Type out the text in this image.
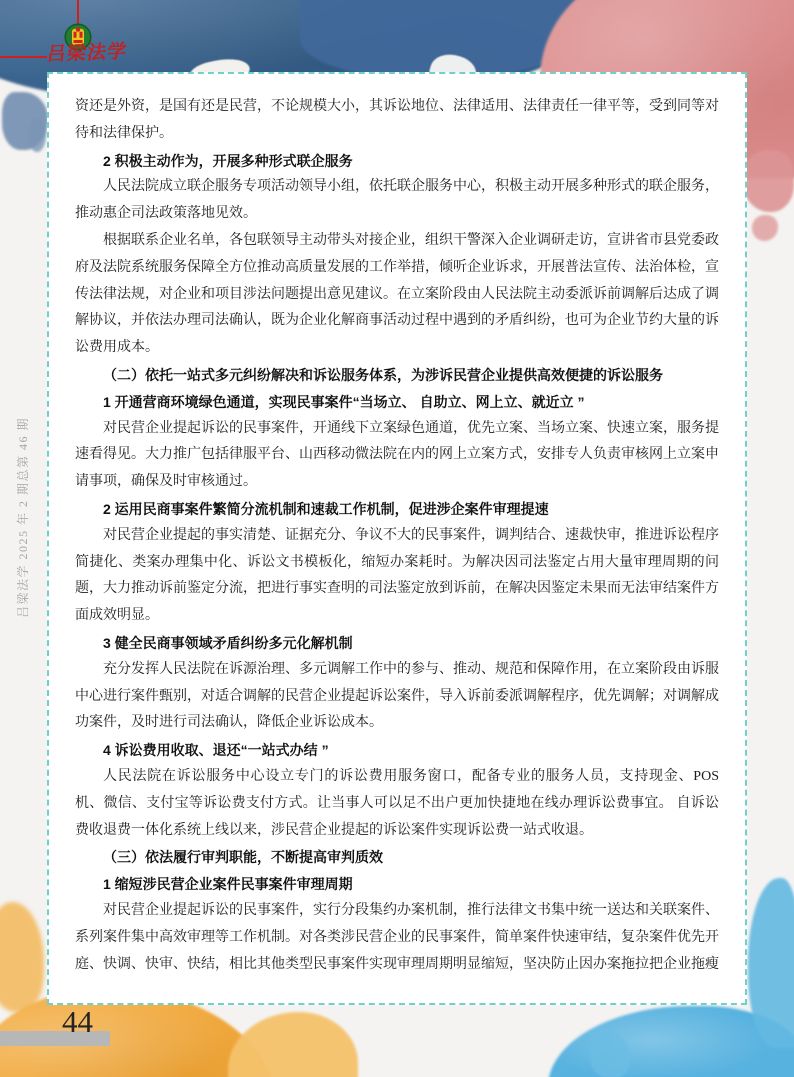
吕梁法学

资还是外资，是国有还是民营，不论规模大小，其诉讼地位、法律适用、法律责任一律平等，受到同等对待和法律保护。

2 积极主动作为，开展多种形式联企服务

人民法院成立联企服务专项活动领导小组，依托联企服务中心，积极主动开展多种形式的联企服务，推动惠企司法政策落地见效。

根据联系企业名单，各包联领导主动带头对接企业，组织干警深入企业调研走访，宣讲省市县党委政府及法院系统服务保障全方位推动高质量发展的工作举措，倾听企业诉求，开展普法宣传、法治体检，宣传法律法规，对企业和项目涉法问题提出意见建议。在立案阶段由人民法院主动委派诉前调解后达成了调解协议，并依法办理司法确认，既为企业化解商事活动过程中遇到的矛盾纠纷，也可为企业节约大量的诉讼费用成本。

（二）依托一站式多元纠纷解决和诉讼服务体系，为涉诉民营企业提供高效便捷的诉讼服务

1 开通营商环境绿色通道，实现民事案件“当场立、 自助立、网上立、就近立 ”

对民营企业提起诉讼的民事案件，开通线下立案绿色通道，优先立案、当场立案、快速立案，服务提速看得见。大力推广包括律服平台、山西移动微法院在内的网上立案方式，安排专人负责审核网上立案申请事项，确保及时审核通过。

2 运用民商事案件繁简分流机制和速裁工作机制，促进涉企案件审理提速

对民营企业提起的事实清楚、证据充分、争议不大的民事案件，调判结合、速裁快审，推进诉讼程序简捷化、类案办理集中化、诉讼文书模板化，缩短办案耗时。为解决因司法鉴定占用大量审理周期的问题，大力推动诉前鉴定分流，把进行事实查明的司法鉴定放到诉前，在解决因鉴定未果而无法审结案件方面成效明显。

3 健全民商事领域矛盾纠纷多元化解机制

充分发挥人民法院在诉源治理、多元调解工作中的参与、推动、规范和保障作用，在立案阶段由诉服中心进行案件甄别，对适合调解的民营企业提起诉讼案件，导入诉前委派调解程序，优先调解；对调解成功案件，及时进行司法确认，降低企业诉讼成本。

4 诉讼费用收取、退还“一站式办结 ”

人民法院在诉讼服务中心设立专门的诉讼费用服务窗口，配备专业的服务人员，支持现金、POS 机、微信、支付宝等诉讼费支付方式。让当事人可以足不出户更加快捷地在线办理诉讼费事宜。 自诉讼费收退费一体化系统上线以来，涉民营企业提起的诉讼案件实现诉讼费一站式收退。

（三）依法履行审判职能，不断提高审判质效

1 缩短涉民营企业案件民事案件审理周期

对民营企业提起诉讼的民事案件，实行分段集约办案机制，推行法律文书集中统一送达和关联案件、系列案件集中高效审理等工作机制。对各类涉民营企业的民事案件，简单案件快速审结，复杂案件优先开庭、快调、快审、快结，相比其他类型民事案件实现审理周期明显缩短，坚决防止因办案拖拉把企业拖瘦

吕梁法学 2025 年 2 期总第 46 期
44
